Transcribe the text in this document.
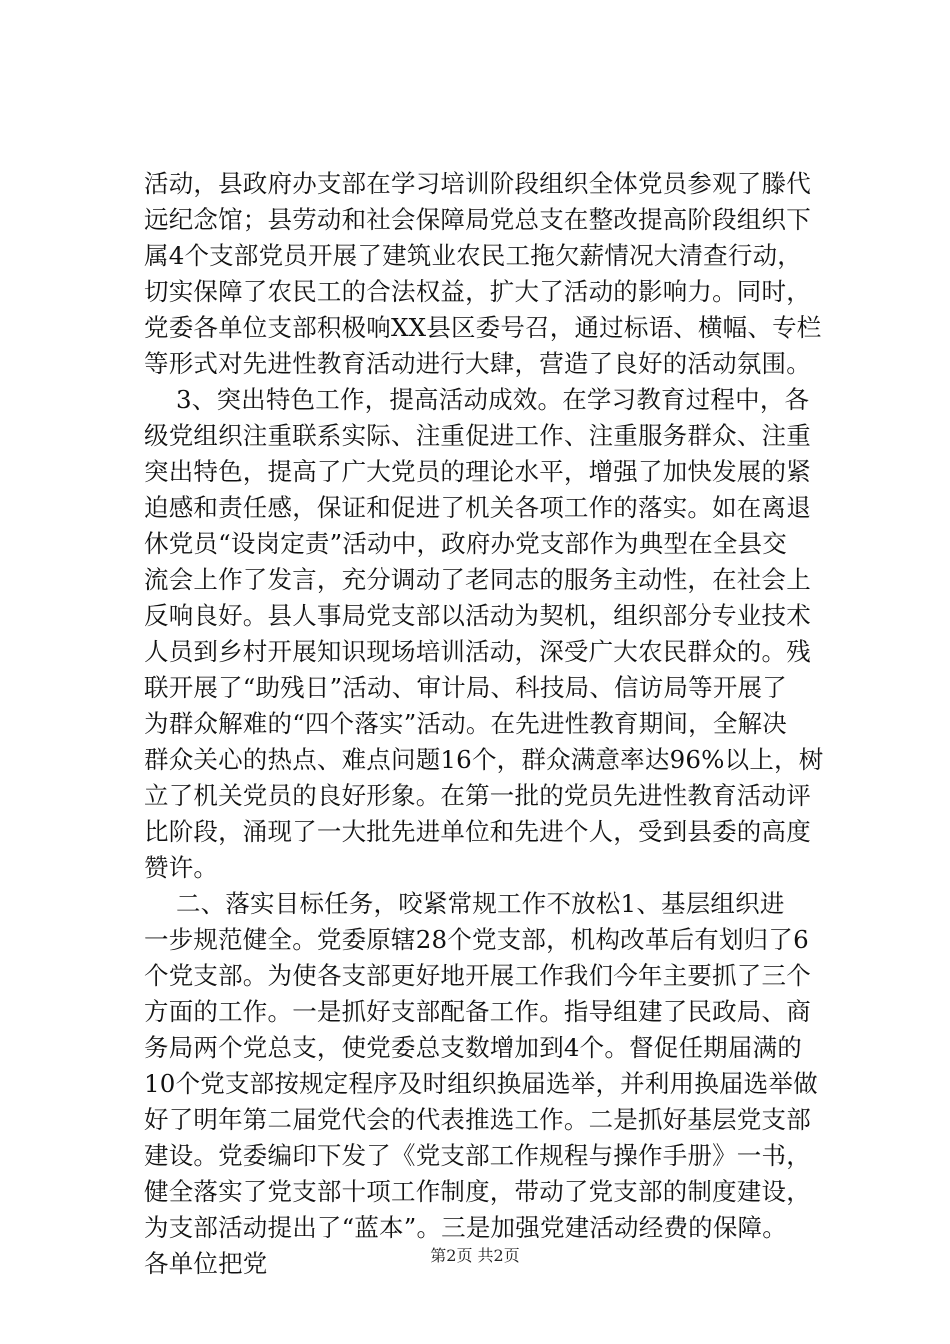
活动，县政府办支部在学习培训阶段组织全体党员参观了滕代
远纪念馆；县劳动和社会保障局党总支在整改提高阶段组织下
属4个支部党员开展了建筑业农民工拖欠薪情况大清查行动，
切实保障了农民工的合法权益，扩大了活动的影响力。同时，
党委各单位支部积极响XX县区委号召，通过标语、横幅、专栏
等形式对先进性教育活动进行大肆，营造了良好的活动氛围。
3、突出特色工作，提高活动成效。在学习教育过程中，各
级党组织注重联系实际、注重促进工作、注重服务群众、注重
突出特色，提高了广大党员的理论水平，增强了加快发展的紧
迫感和责任感，保证和促进了机关各项工作的落实。如在离退
休党员“设岗定责”活动中，政府办党支部作为典型在全县交
流会上作了发言，充分调动了老同志的服务主动性，在社会上
反响良好。县人事局党支部以活动为契机，组织部分专业技术
人员到乡村开展知识现场培训活动，深受广大农民群众的。残
联开展了“助残日”活动、审计局、科技局、信访局等开展了
为群众解难的“四个落实”活动。在先进性教育期间，全解决
群众关心的热点、难点问题16个，群众满意率达96%以上，树
立了机关党员的良好形象。在第一批的党员先进性教育活动评
比阶段，涌现了一大批先进单位和先进个人，受到县委的高度
赞许。
二、落实目标任务，咬紧常规工作不放松1、基层组织进
一步规范健全。党委原辖28个党支部，机构改革后有划归了6
个党支部。为使各支部更好地开展工作我们今年主要抓了三个
方面的工作。一是抓好支部配备工作。指导组建了民政局、商
务局两个党总支，使党委总支数增加到4个。督促任期届满的
10个党支部按规定程序及时组织换届选举，并利用换届选举做
好了明年第二届党代会的代表推选工作。二是抓好基层党支部
建设。党委编印下发了《党支部工作规程与操作手册》一书，
健全落实了党支部十项工作制度，带动了党支部的制度建设，
为支部活动提出了“蓝本”。三是加强党建活动经费的保障。
各单位把党	第2页 共2页
